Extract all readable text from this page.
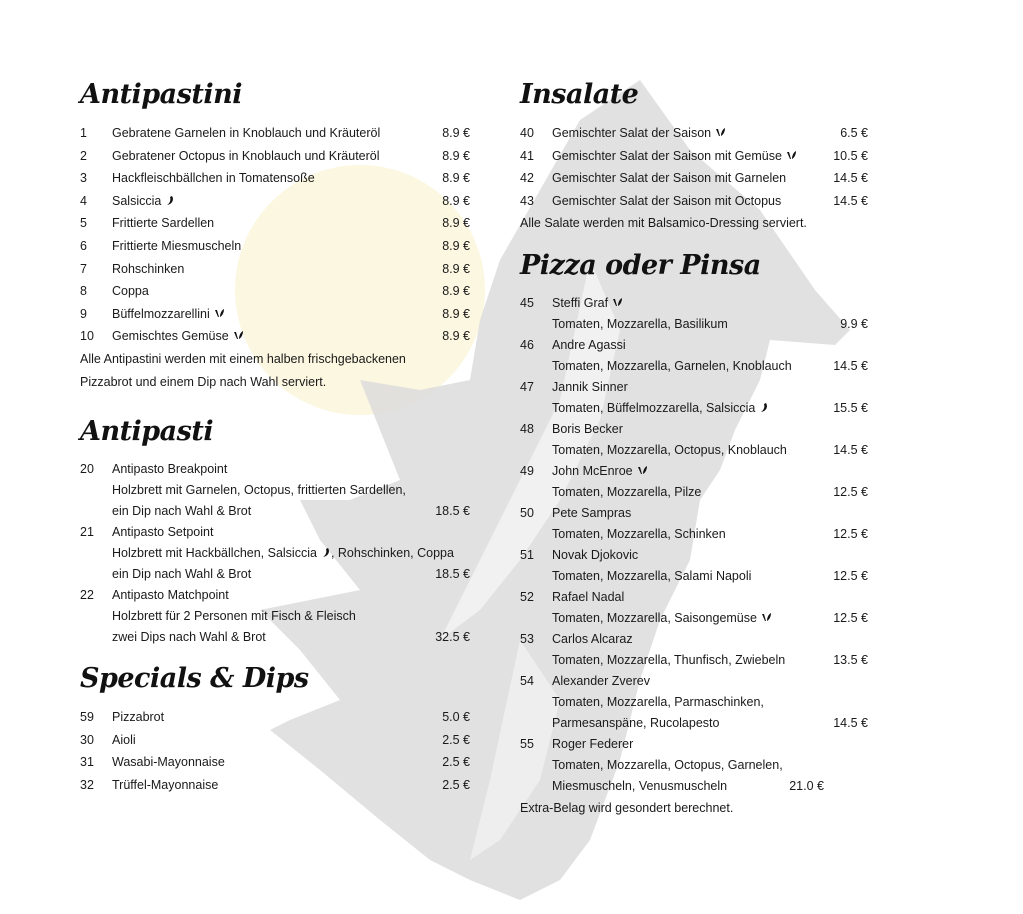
Antipastini
1 Gebratene Garnelen in Knoblauch und Kräuteröl	8.9 €
2 Gebratener Octopus in Knoblauch und Kräuteröl	8.9 €
3 Hackfleischbällchen in Tomatensoße	8.9 €
4 Salsiccia	8.9 €
5 Frittierte Sardellen	8.9 €
6 Frittierte Miesmuscheln	8.9 €
7 Rohschinken	8.9 €
8 Coppa	8.9 €
9 Büffelmozzarellini	8.9 €
10 Gemischtes Gemüse	8.9 €
Alle Antipastini werden mit einem halben frischgebackenen
Pizzabrot und einem Dip nach Wahl serviert.
Antipasti
20 Antipasto Breakpoint
Holzbrett mit Garnelen, Octopus, frittierten Sardellen,
ein Dip nach Wahl & Brot	18.5 €
21 Antipasto Setpoint
Holzbrett mit Hackbällchen, Salsiccia , Rohschinken, Coppa
ein Dip nach Wahl & Brot	18.5 €
22 Antipasto Matchpoint
Holzbrett für 2 Personen mit Fisch & Fleisch
zwei Dips nach Wahl & Brot	32.5 €
Specials & Dips
59 Pizzabrot	5.0 €
30 Aioli	2.5 €
31 Wasabi-Mayonnaise	2.5 €
32 Trüffel-Mayonnaise	2.5 €
Insalate
40 Gemischter Salat der Saison	6.5 €
41 Gemischter Salat der Saison mit Gemüse	10.5 €
42 Gemischter Salat der Saison mit Garnelen	14.5 €
43 Gemischter Salat der Saison mit Octopus	14.5 €
Alle Salate werden mit Balsamico-Dressing serviert.
Pizza oder Pinsa
45 Steffi Graf
Tomaten, Mozzarella, Basilikum	9.9 €
46 Andre Agassi
Tomaten, Mozzarella, Garnelen, Knoblauch	14.5 €
47 Jannik Sinner
Tomaten, Büffelmozzarella, Salsiccia	15.5 €
48 Boris Becker
Tomaten, Mozzarella, Octopus, Knoblauch	14.5 €
49 John McEnroe
Tomaten, Mozzarella, Pilze	12.5 €
50 Pete Sampras
Tomaten, Mozzarella, Schinken	12.5 €
51 Novak Djokovic
Tomaten, Mozzarella, Salami Napoli	12.5 €
52 Rafael Nadal
Tomaten, Mozzarella, Saisongemüse	12.5 €
53 Carlos Alcaraz
Tomaten, Mozzarella, Thunfisch, Zwiebeln	13.5 €
54 Alexander Zverev
Tomaten, Mozzarella, Parmaschinken,
Parmesanspäne, Rucolapesto	14.5 €
55 Roger Federer
Tomaten, Mozzarella, Octopus, Garnelen,
Miesmuscheln, Venusmuscheln	21.0 €
Extra-Belag wird gesondert berechnet.
